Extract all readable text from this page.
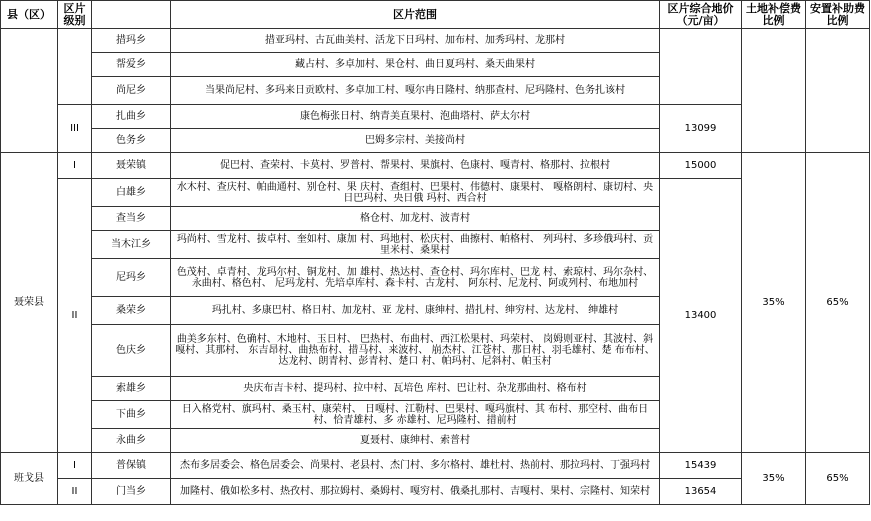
县（区）	区片级别		区片范围	区片综合地价（元/亩）	土地补偿费比例	安置补助费比例
		措玛乡	措亚玛村、古瓦曲美村、活龙下日玛村、加布村、加秀玛村、龙那村			
		帮爱乡	藏占村、多卓加村、果仓村、曲日夏玛村、桑天曲果村			
		尚尼乡	当果尚尼村、多玛来日贡欧村、多卓加工村、嘎尔冉日隆村、纳那查村、尼玛隆村、色务扎该村			
	III	扎曲乡	康色梅张日村、纳青美直果村、泡曲塔村、萨太尔村	13099		
		色务乡	巴姆多宗村、美接尚村			
聂荣县	I	聂荣镇	促巴村、查荣村、卡莫村、罗普村、帮果村、果旗村、色康村、嘎青村、格那村、拉根村	15000	35%	65%
	II	白雄乡	水木村、查庆村、帕曲通村、别仓村、果 庆村、查组村、巴果村、伟德村、康果村、 嘎格朗村、康切村、央日巴玛村、央日俄 玛村、西合村	13400		
		查当乡	格仓村、加龙村、波青村			
		当木江乡	玛尚村、雪龙村、拔卓村、奎如村、康加 村、玛地村、松庆村、曲擦村、帕格村、 列玛村、多珍俄玛村、贡里米村、桑果村			
		尼玛乡	色茂村、卓青村、龙玛尔村、铜龙村、加 雄村、热达村、查仓村、玛尔库村、巴龙 村、索琼村、玛尔杂村、永曲村、格色村、 尼玛龙村、先培卓库村、森卡村、古龙村、 阿东村、尼龙村、阿或列村、布地加村			
		桑荣乡	玛扎村、多康巴村、格日村、加龙村、亚 龙村、康绅村、措扎村、绅穷村、达龙村、 绅雄村			
		色庆乡	曲美多东村、色确村、木地村、玉日村、 巴热村、布曲村、西江松果村、玛荣村、 岗姆则亚村、其波村、斜嘎村、其那村、 东吉昂村、曲热布村、措马村、来波村、 崩杰村、江苍村、那日村、羽毛雄村、楚 布布村、达龙村、朗青村、彭青村、楚口 村、帕玛村、尼斜村、帕玉村			
		索雄乡	央庆布吉卡村、提玛村、拉中村、瓦培色 库村、巴让村、杂龙那曲村、格布村			
		下曲乡	日入格党村、旗玛村、桑玉村、康荣村、 日嘎村、江勒村、巴果村、嘎玛旗村、其 布村、那空村、曲布日村、恰青雄村、多 赤雄村、尼玛隆村、措前村			
		永曲乡	夏聂村、康绅村、索普村			
班戈县	I	普保镇	杰布多居委会、格色居委会、尚果村、老县村、杰门村、多尔格村、雄杜村、热前村、那拉玛村、丁强玛村	15439	35%	65%
	II	门当乡	加隆村、俄如松多村、热孜村、那拉姆村、桑姆村、嘎穷村、俄桑扎那村、吉嘎村、果村、宗隆村、知荣村	13654		
